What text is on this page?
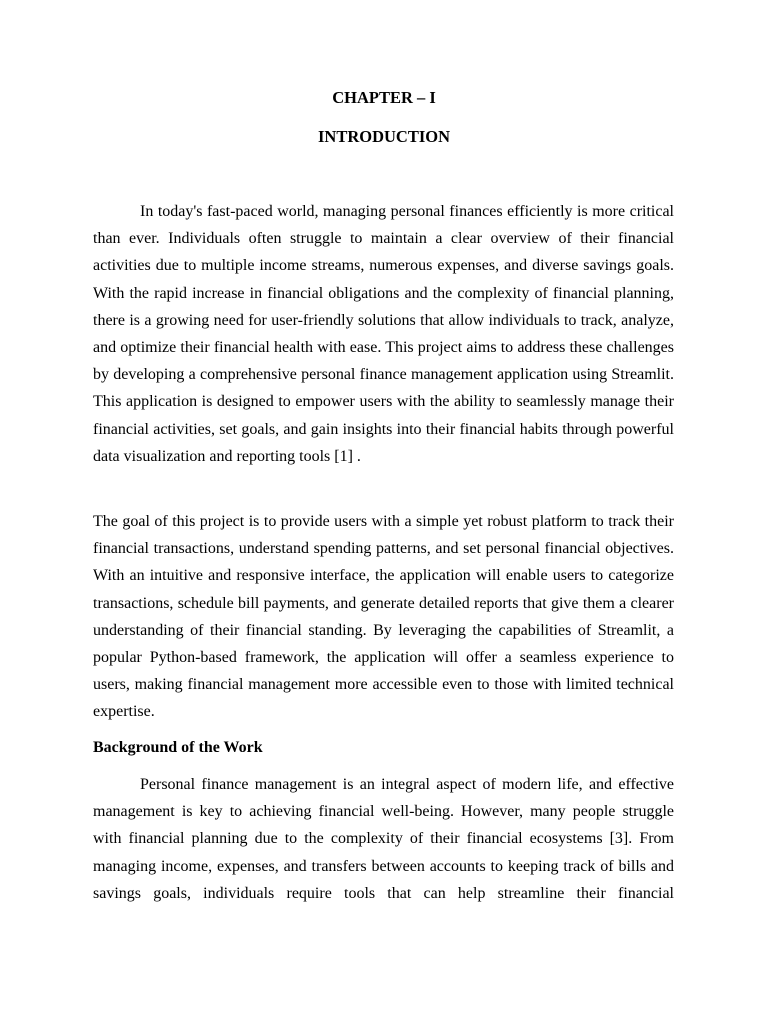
CHAPTER – I
INTRODUCTION

In today's fast-paced world, managing personal finances efficiently is more critical than ever. Individuals often struggle to maintain a clear overview of their financial activities due to multiple income streams, numerous expenses, and diverse savings goals. With the rapid increase in financial obligations and the complexity of financial planning, there is a growing need for user-friendly solutions that allow individuals to track, analyze, and optimize their financial health with ease. This project aims to address these challenges by developing a comprehensive personal finance management application using Streamlit. This application is designed to empower users with the ability to seamlessly manage their financial activities, set goals, and gain insights into their financial habits through powerful data visualization and reporting tools [1] .

The goal of this project is to provide users with a simple yet robust platform to track their financial transactions, understand spending patterns, and set personal financial objectives. With an intuitive and responsive interface, the application will enable users to categorize transactions, schedule bill payments, and generate detailed reports that give them a clearer understanding of their financial standing. By leveraging the capabilities of Streamlit, a popular Python-based framework, the application will offer a seamless experience to users, making financial management more accessible even to those with limited technical expertise.

Background of the Work

Personal finance management is an integral aspect of modern life, and effective management is key to achieving financial well-being. However, many people struggle with financial planning due to the complexity of their financial ecosystems [3]. From managing income, expenses, and transfers between accounts to keeping track of bills and savings goals, individuals require tools that can help streamline their financial
